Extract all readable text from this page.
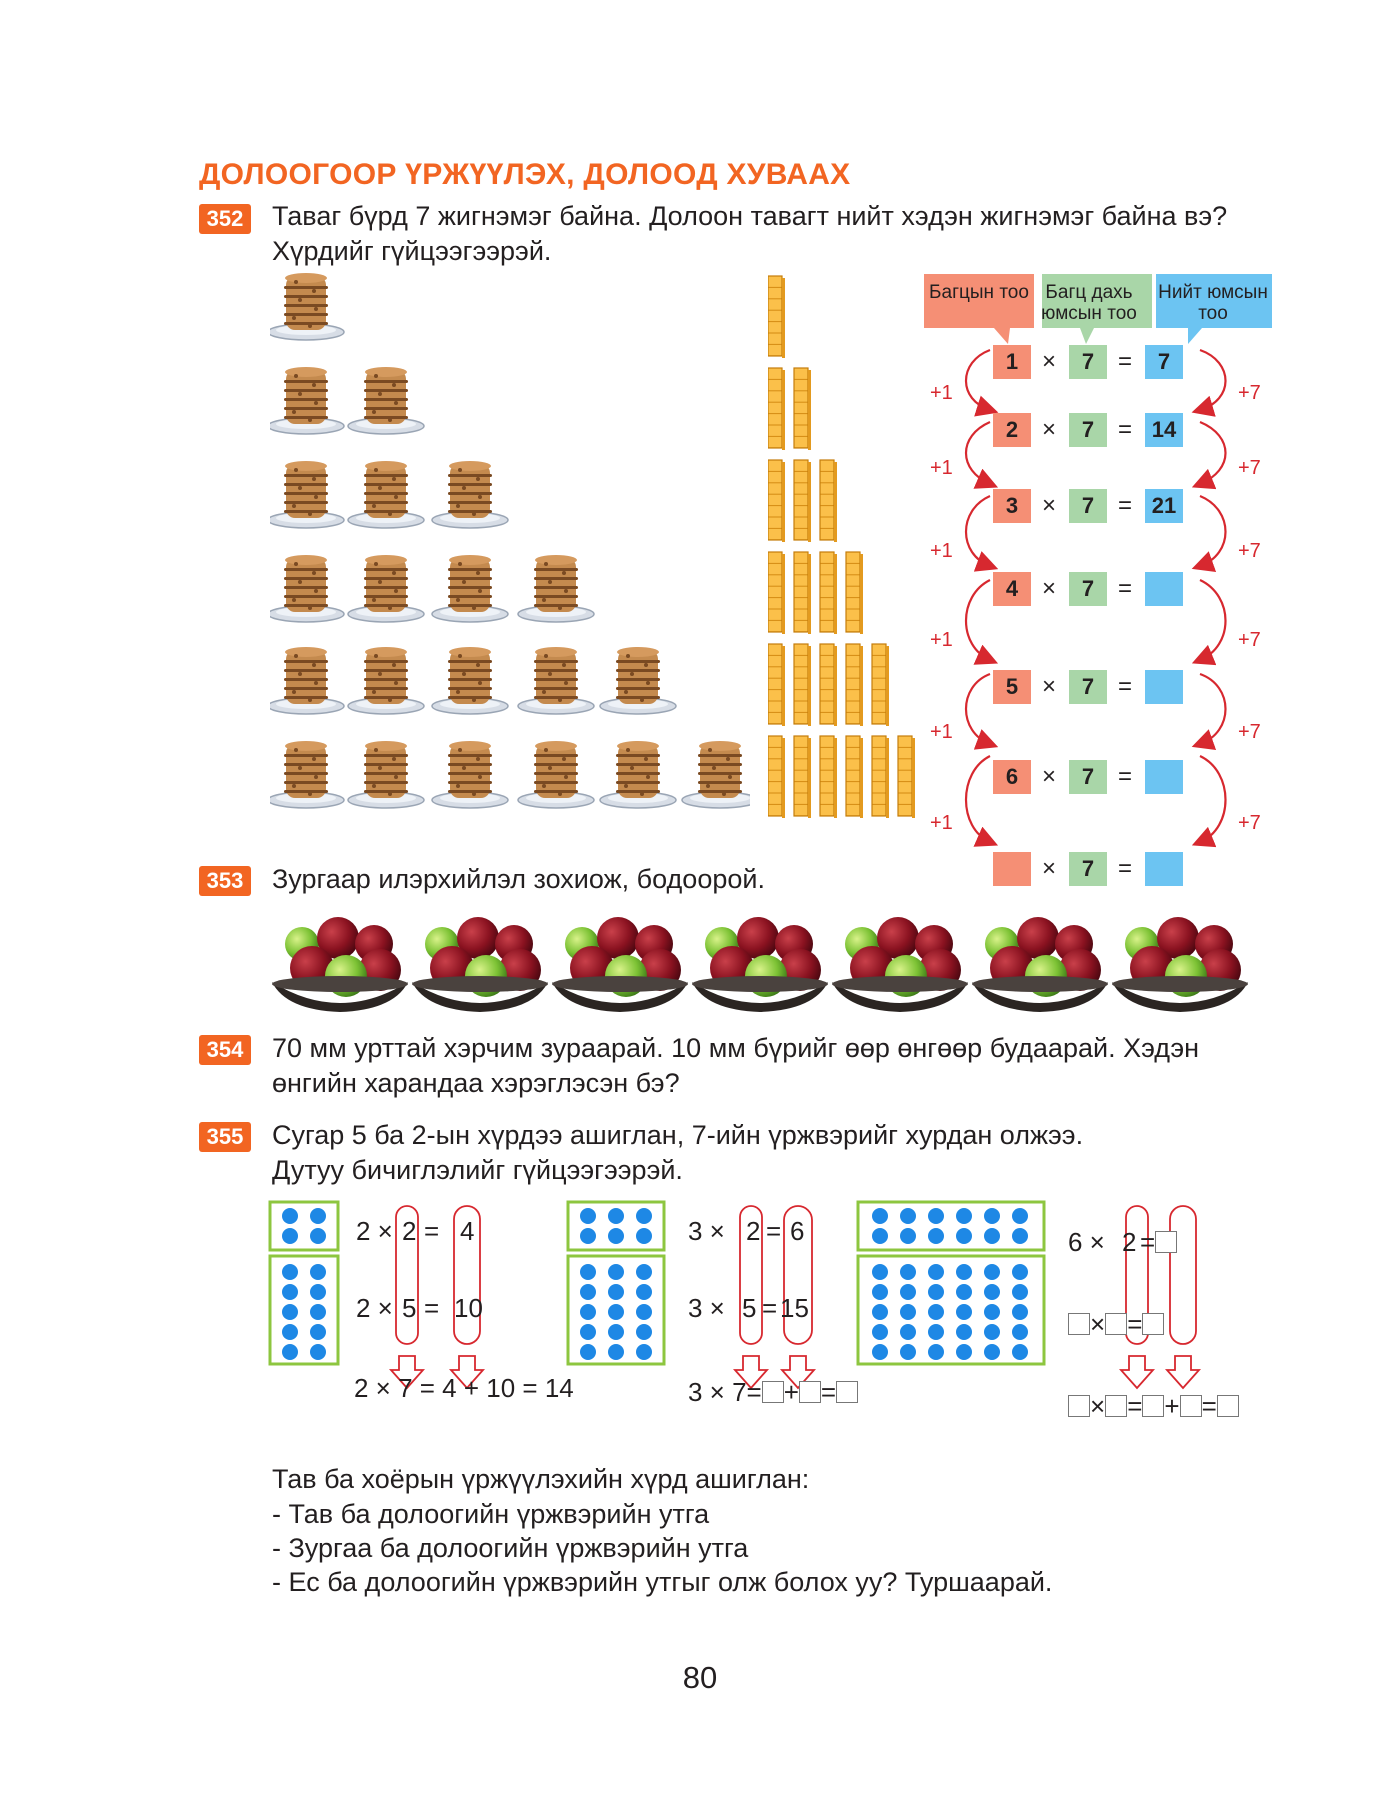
ДОЛООГООР ҮРЖҮҮЛЭХ, ДОЛООД ХУВААХ
352 Таваг бүрд 7 жигнэмэг байна. Долоон тавагт нийт хэдэн жигнэмэг байна вэ?
Хүрдийг гүйцээгээрэй.
Багцын тоо Багц дахь юмсын тоо
Нийт юмсын тоо
+1
+1
+1
+1
+1
+1
+7
+7
+7
+7
+7
+7
1 ×	7 =	7
2 ×	7 = 14
3 ×	7 = 21
4 ×	7 =
5 ×	7 =
6 ×	7 =
×	7 =
353 Зургаар илэрхийлэл зохиож, бодоорой.
354 70 мм урттай хэрчим зураарай. 10 мм бүрийг өөр өнгөөр будаарай. Хэдэн
өнгийн харандаа хэрэглэсэн бэ?
355 Сугар 5 ба 2-ын хүрдээ ашиглан, 7-ийн үржвэрийг хурдан олжээ.
Дутуу бичиглэлийг гүйцээгээрэй.
2 × 2 = 4
2 × 5 = 10
2 × 7 = 4 + 10 = 14
3 × 2 = 6
3 × 5 = 15
3 × 7= + =
6 × 2 =
× =
× = + =
Тав ба хоёрын үржүүлэхийн хүрд ашиглан:
- Тав ба долоогийн үржвэрийн утга
- Зургаа ба долоогийн үржвэрийн утга
- Ес ба долоогийн үржвэрийн утгыг олж болох уу? Туршаарай.
80
